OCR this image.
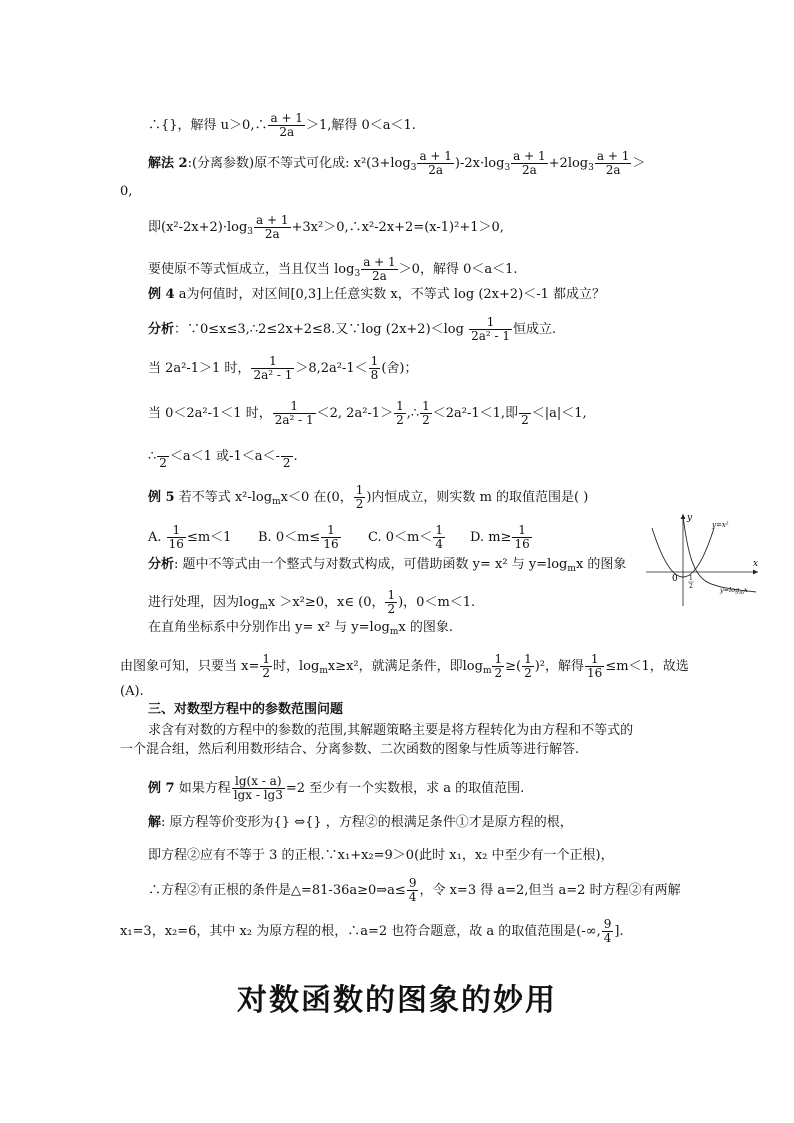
∴{}，解得 u＞0,∴ $\frac{a + 1}{2a} >1$,解得 0＜a＜1.
解法 2:(分离参数)原不等式可化成: $x^2(3+\log_3 \frac{a + 1}{2a} )-2x\cdot\log_3 \frac{a + 1}{2a} +2\log_3 \frac{a + 1}{2a}$ ＞
0,
即$(x^2-2x+2)\cdot\log_3 \frac{a + 1}{2a}$ +3x²＞0,∴x²-2x+2=(x-1)²+1＞0,
要使原不等式恒成立，当且仅当 $\log_3 \frac{a + 1}{2a} >0$，解得 0＜a＜1.
例 4 a为何值时，对区间[0,3]上任意实数 x，不等式 log (2x+2)＜-1 都成立？
分析：∵0≤x≤3,∴2≤2x+2≤8.又∵log $(2x+2)<\log \frac{1}{\text{2a² - 1}}$ 恒成立.
当 2a²-1＞1 时， $\frac{1}{\text{2a² - 1}} >8,2a^2-1< \frac{1}{8}$ (舍)；
当 0＜2a²-1＜1 时， $\frac{1}{\text{2a² - 1}} <2$, $2a^2-1> \frac{1}{2}$ ,∴ $\frac{1}{2} <2a^2-1<1$,即 2 ＜|a|＜1,
∴ 2 ＜a＜1 或-1＜a＜- 2 .
例 5 若不等式 $x^2-\log_mx<0$ 在(0， $\frac{1}{2}$ )内恒成立，则实数 m 的取值范围是( )
A. $\frac{1}{16} \le m<1$ B. $0<m\le \frac{1}{16} C$. $0<m< \frac{1}{4} D$. $m\ge \frac{1}{16}$
分析: 题中不等式由一个整式与对数式构成，可借助函数 y= x² 与 $y=\log_mx$ 的图象
进行处理，因为$\log_mx >x^2\ge 0$，x∈ (0， $\frac{1}{2}$ )，0＜m＜1.
在直角坐标系中分别作出 y= x² 与 $y=\log_mx$ 的图象.
由图象可知，只要当 $x= \frac{1}{2}$ 时，$\log_mx\ge x^2$，就满足条件，即$\log_m \frac{1}{2}$ ≥( $\frac{1}{2} )^2$，解得 $\frac{1}{16} \le m<1$，故选
(A).
三、对数型方程中的参数范围问题
求含有对数的方程中的参数的范围,其解题策略主要是将方程转化为由方程和不等式的
一个混合组，然后利用数形结合、分离参数、二次函数的图象与性质等进行解答.
例 7 如果方程 $\frac{\lg(x - a)}{\lg x - \lg 3} =2$ 至少有一个实数根，求 a 的取值范围.
解: 原方程等价变形为{} ⇔{} ，方程②的根满足条件①才是原方程的根，
即方程②应有不等于 3 的正根.∵x₁+x₂=9＞0(此时 x₁，x₂ 中至少有一个正根)，
∴方程②有正根的条件是△=81-36a≥0⇒a≤ $\frac{9}{4}$ ，令 x=3 得 a=2,但当 a=2 时方程②有两解
x₁=3，x₂=6，其中 x₂ 为原方程的根，∴a=2 也符合题意，故 a 的取值范围是(-∞, $\frac{9}{4}$ ].
对数函数的图象的妙用
y
x
0 1
2
y=x²
$y=\log_mx$
